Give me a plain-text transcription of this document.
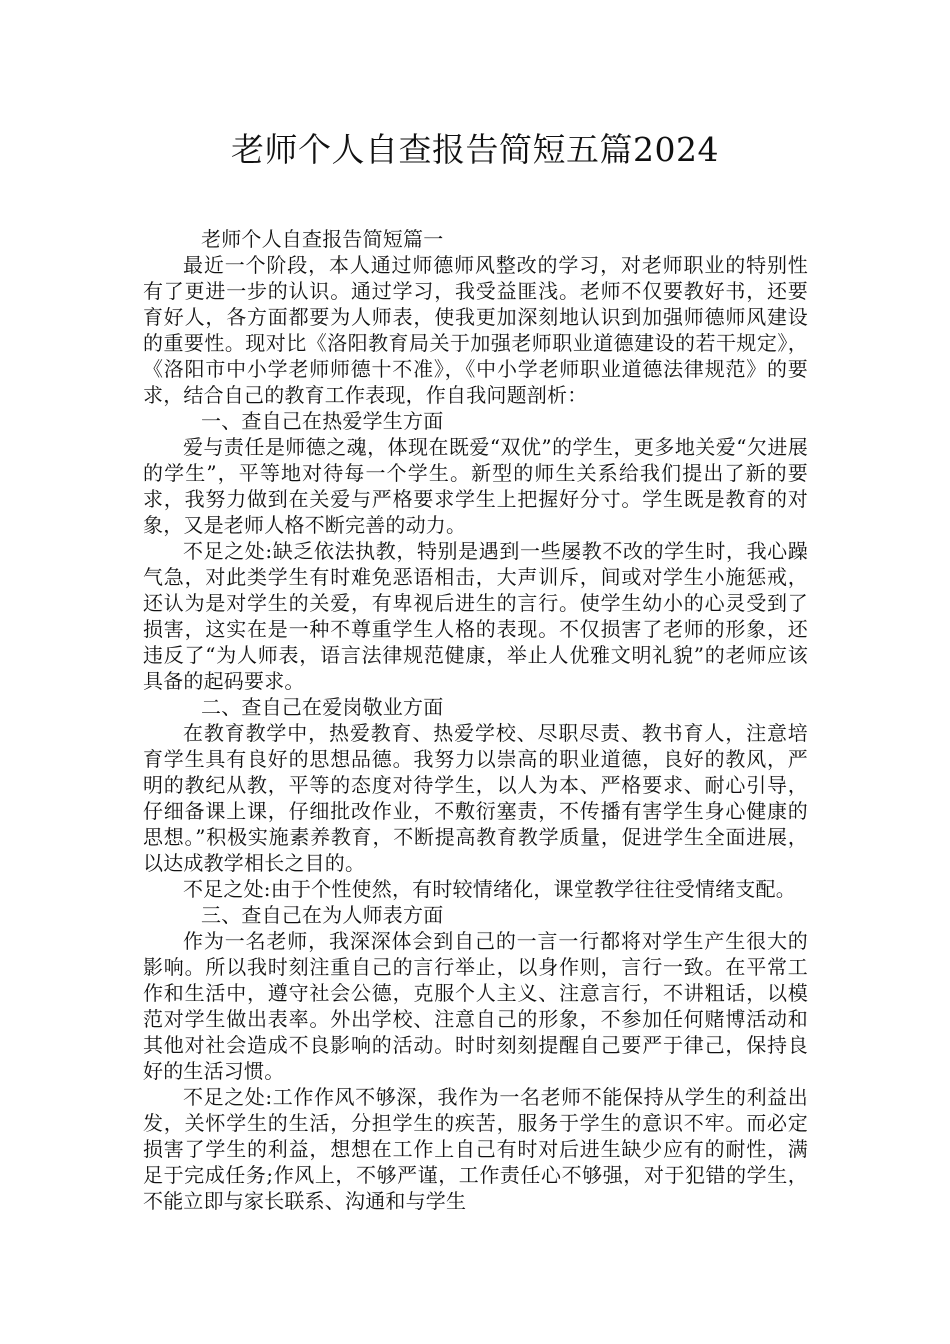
老师个人自查报告简短五篇2024

老师个人自查报告简短篇一

最近一个阶段，本人通过师德师风整改的学习，对老师职业的特别性有了更进一步的认识。通过学习，我受益匪浅。老师不仅要教好书，还要育好人，各方面都要为人师表，使我更加深刻地认识到加强师德师风建设的重要性。现对比《洛阳教育局关于加强老师职业道德建设的若干规定》，《洛阳市中小学老师师德十不准》，《中小学老师职业道德法律规范》的要求，结合自己的教育工作表现，作自我问题剖析：

一、查自己在热爱学生方面

爱与责任是师德之魂，体现在既爱“双优”的学生，更多地关爱“欠进展的学生”，平等地对待每一个学生。新型的师生关系给我们提出了新的要求，我努力做到在关爱与严格要求学生上把握好分寸。学生既是教育的对象，又是老师人格不断完善的动力。

不足之处:缺乏依法执教，特别是遇到一些屡教不改的学生时，我心躁气急，对此类学生有时难免恶语相击，大声训斥，间或对学生小施惩戒，还认为是对学生的关爱，有卑视后进生的言行。使学生幼小的心灵受到了损害，这实在是一种不尊重学生人格的表现。不仅损害了老师的形象，还违反了“为人师表，语言法律规范健康，举止人优雅文明礼貌”的老师应该具备的起码要求。

二、查自己在爱岗敬业方面

在教育教学中，热爱教育、热爱学校、尽职尽责、教书育人，注意培育学生具有良好的思想品德。我努力以崇高的职业道德，良好的教风，严明的教纪从教，平等的态度对待学生，以人为本、严格要求、耐心引导，仔细备课上课，仔细批改作业，不敷衍塞责，不传播有害学生身心健康的思想。”积极实施素养教育，不断提高教育教学质量，促进学生全面进展，以达成教学相长之目的。

不足之处:由于个性使然，有时较情绪化，课堂教学往往受情绪支配。

三、查自己在为人师表方面

作为一名老师，我深深体会到自己的一言一行都将对学生产生很大的影响。所以我时刻注重自己的言行举止，以身作则，言行一致。在平常工作和生活中，遵守社会公德，克服个人主义、注意言行，不讲粗话，以模范对学生做出表率。外出学校、注意自己的形象，不参加任何赌博活动和其他对社会造成不良影响的活动。时时刻刻提醒自己要严于律己，保持良好的生活习惯。

不足之处:工作作风不够深，我作为一名老师不能保持从学生的利益出发，关怀学生的生活，分担学生的疾苦，服务于学生的意识不牢。而必定损害了学生的利益，想想在工作上自己有时对后进生缺少应有的耐性，满足于完成任务;作风上，不够严谨，工作责任心不够强，对于犯错的学生，不能立即与家长联系、沟通和与学生
